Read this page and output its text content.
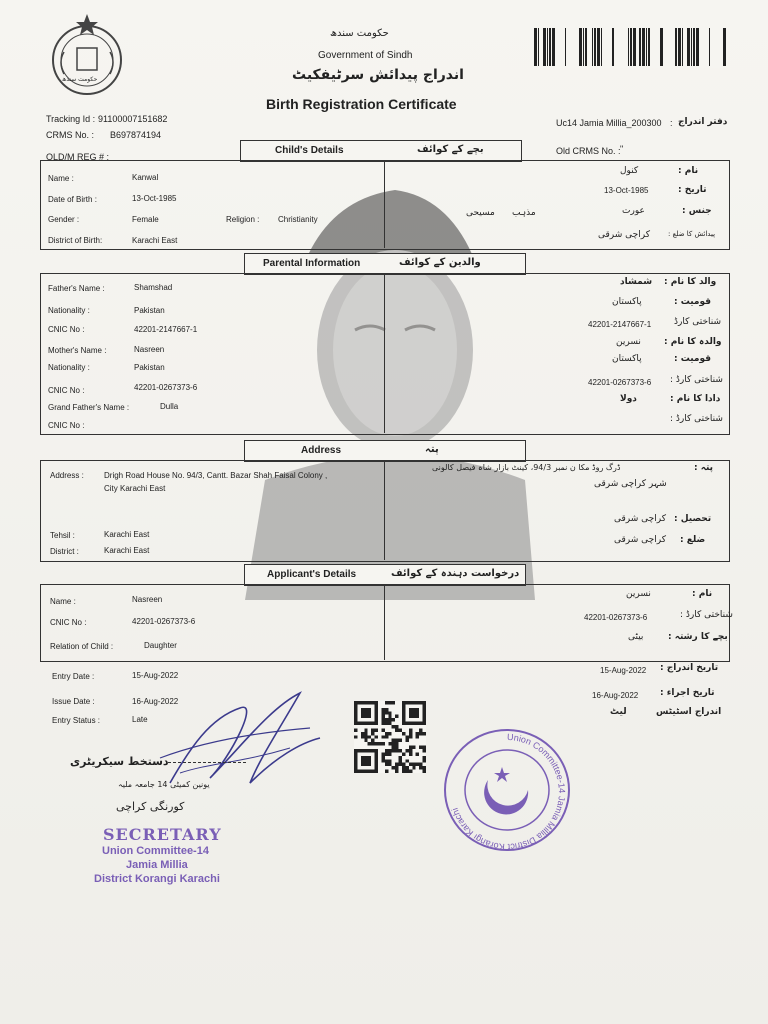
حکومت سندھ
حکومت سندھ
Government of Sindh
اندراج پیدائش سرٹیفکیٹ
Birth Registration Certificate
Tracking Id : 91100007151682
CRMS No. : B697874194
OLD/M REG # :
Uc14 Jamia Millia_200300 : دفتر اندراج
Old CRMS No. : "
Child's Details	بچے کے کوائف
Name :	Kanwal
Date of Birth :	13-Oct-1985
Gender :	Female	Religion : Christianity
District of Birth:	Karachi East
نام :
کنول
تاریخ :
13-Oct-1985
جنس :
عورت
مذہب
مسیحی
پیدائش کا ضلع :
کراچی شرقی
Parental Information	والدین کے کوائف
Father's Name :	Shamshad
Nationality :	Pakistan
CNIC No :	42201-2147667-1
Mother's Name :	Nasreen
Nationality :	Pakistan
CNIC No :	42201-0267373-6
Grand Father's Name :	Dulla
CNIC No :
والد کا نام :
شمشاد
قومیت :
پاکستان
شناختی کارڈ
42201-2147667-1
والدہ کا نام :
نسرین
قومیت :
پاکستان
شناختی کارڈ :
42201-0267373-6
دادا کا نام :
دولا
شناختی کارڈ :
Address	پتہ
Address :	Drigh Road House No. 94/3, Cantt. Bazar Shah Faisal Colony ,
City Karachi East
Tehsil :	Karachi East
District :	Karachi East
پتہ :
ڈرگ روڈ مکا ن نمبر 94/3، کینٹ بازار شاہ فیصل کالونی
شہر کراچی شرقی
تحصیل :
کراچی شرقی
ضلع :
کراچی شرقی
Applicant's Details	درخواست دہندہ کے کوائف
Name :	Nasreen
CNIC No :	42201-0267373-6
Relation of Child :	Daughter
نام :
نسرین
شناختی کارڈ :
42201-0267373-6
بچے کا رشتہ :
بیٹی
Entry Date :	15-Aug-2022
Issue Date :	16-Aug-2022
Entry Status :	Late
تاریخ اندراج :
15-Aug-2022
تاریخ اجراء :
16-Aug-2022
اندراج اسٹیٹس
لیٹ
دستخط سیکریٹری
یونین کمیٹی 14 جامعہ ملیہ
کورنگی کراچی
SECRETARY
Union Committee-14
Jamia Millia
District Korangi Karachi
Union Committee-14 Jamia Millia District Korangi Karachi
